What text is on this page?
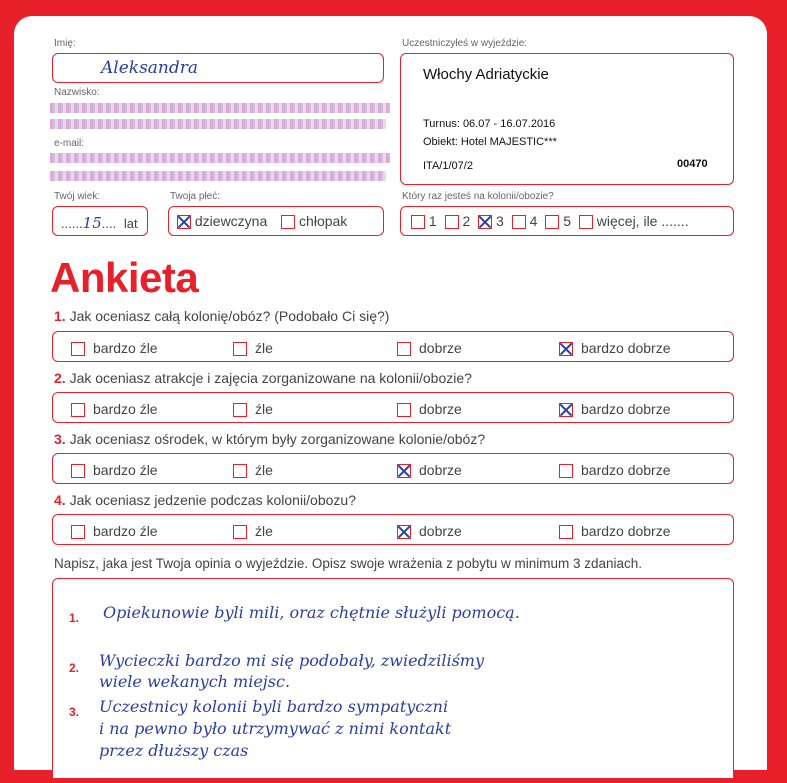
Imię:
Aleksandra
Nazwisko:
e-mail:
Twój wiek:
......15.... lat
Twoja płeć:
dziewczyna chłopak
Uczestniczyłeś w wyjeździe:
Włochy Adriatyckie
Turnus: 06.07 - 16.07.2016
Obiekt: Hotel MAJESTIC***
ITA/1/07/2	00470
Który raz jesteś na kolonii/obozie?
1 2 3 4 5 więcej, ile .......
Ankieta
1. Jak oceniasz całą kolonię/obóz? (Podobało Ci się?)
bardzo źle	źle	dobrze	bardzo dobrze
2. Jak oceniasz atrakcje i zajęcia zorganizowane na kolonii/obozie?
bardzo źle	źle	dobrze	bardzo dobrze
3. Jak oceniasz ośrodek, w którym były zorganizowane kolonie/obóz?
bardzo źle	źle	dobrze	bardzo dobrze
4. Jak oceniasz jedzenie podczas kolonii/obozu?
bardzo źle	źle	dobrze	bardzo dobrze
Napisz, jaka jest Twoja opinia o wyjeździe. Opisz swoje wrażenia z pobytu w minimum 3 zdaniach.
1.
2.
3.
Opiekunowie byli mili, oraz chętnie służyli pomocą.
Wycieczki bardzo mi się podobały, zwiedziliśmy
wiele wekanych miejsc.
Uczestnicy kolonii byli bardzo sympatyczni
i na pewno było utrzymywać z nimi kontakt
przez dłuższy czas
